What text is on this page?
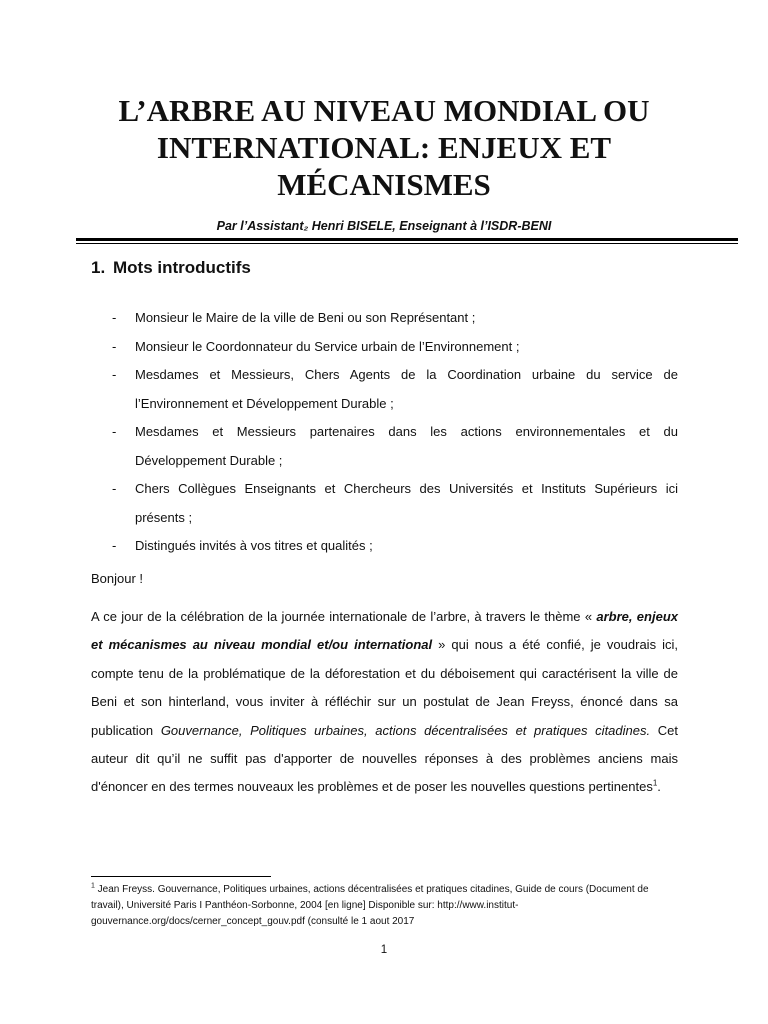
L’ARBRE AU NIVEAU MONDIAL OU
INTERNATIONAL: ENJEUX ET
MÉCANISMES
Par l’Assistant₂ Henri BISELE, Enseignant à l’ISDR-BENI
1. Mots introductifs
- Monsieur le Maire de la ville de Beni ou son Représentant ;
- Monsieur le Coordonnateur du Service urbain de l’Environnement ;
- Mesdames et Messieurs, Chers Agents de la Coordination urbaine du service de l’Environnement et Développement Durable ;
- Mesdames et Messieurs partenaires dans les actions environnementales et du Développement Durable ;
- Chers Collègues Enseignants et Chercheurs des Universités et Instituts Supérieurs ici présents ;
- Distingués invités à vos titres et qualités ;
Bonjour !

A ce jour de la célébration de la journée internationale de l’arbre, à travers le thème « arbre, enjeux et mécanismes au niveau mondial et/ou international » qui nous a été confié, je voudrais ici, compte tenu de la problématique de la déforestation et du déboisement qui caractérisent la ville de Beni et son hinterland, vous inviter à réfléchir sur un postulat de Jean Freyss, énoncé dans sa publication Gouvernance, Politiques urbaines, actions décentralisées et pratiques citadines. Cet auteur dit qu’il ne suffit pas d'apporter de nouvelles réponses à des problèmes anciens mais d'énoncer en des termes nouveaux les problèmes et de poser les nouvelles questions pertinentes$^1$.

$^1$ Jean Freyss. Gouvernance, Politiques urbaines, actions décentralisées et pratiques citadines, Guide de cours (Document de travail), Université Paris I Panthéon-Sorbonne, 2004 [en ligne] Disponible sur: http://www.institut-gouvernance.org/docs/cerner_concept_gouv.pdf (consulté le 1 aout 2017

1
